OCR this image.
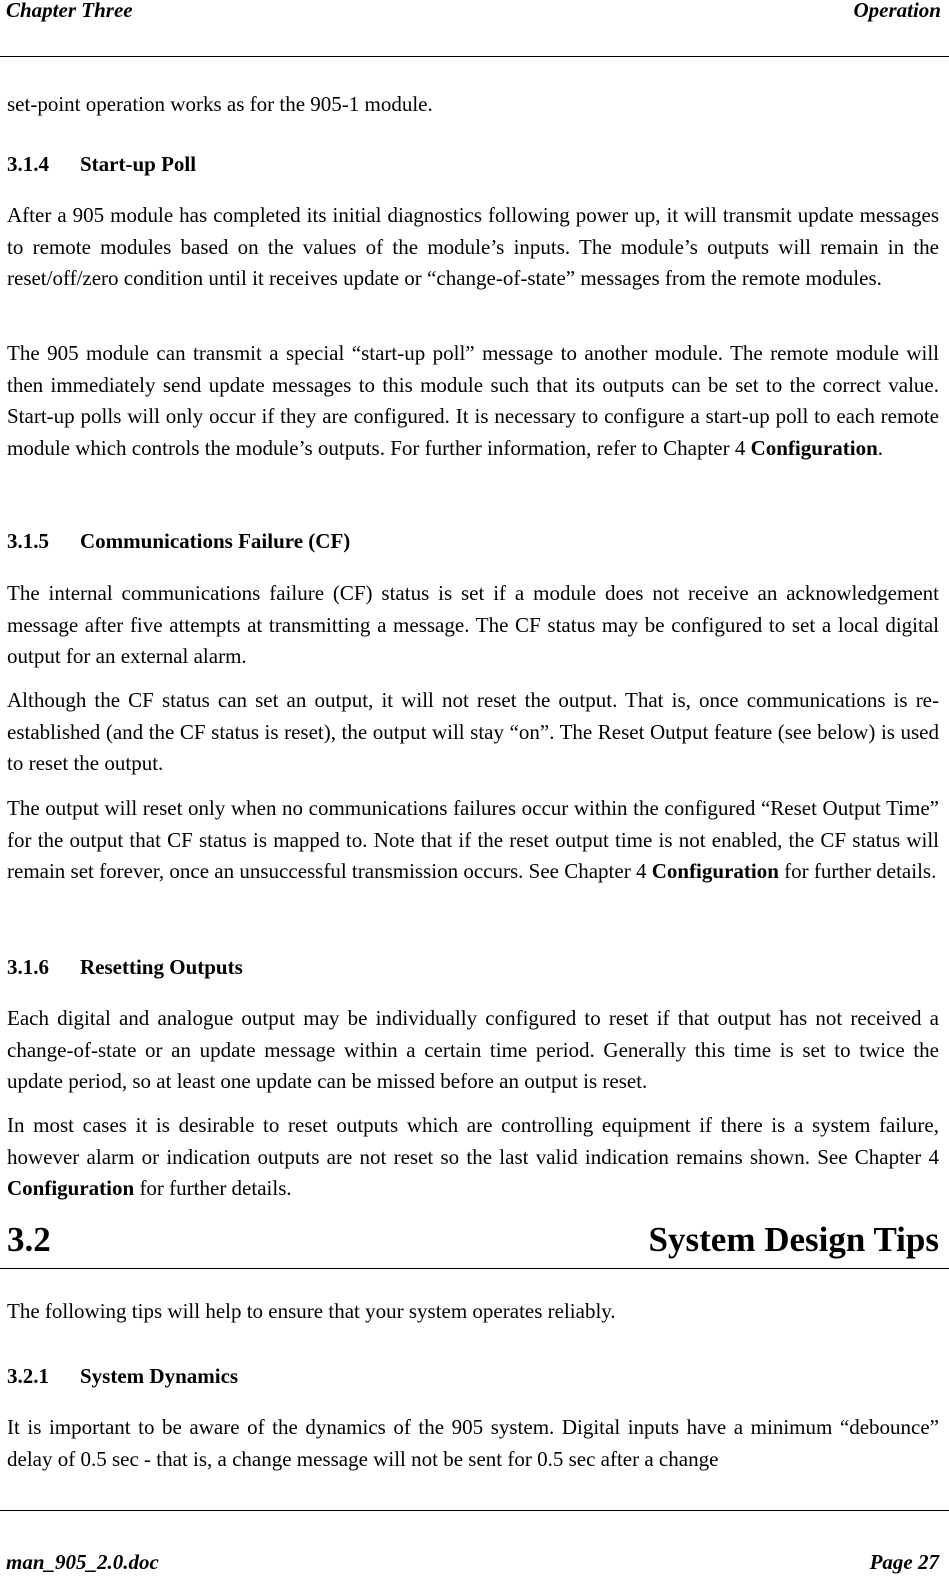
Chapter Three	Operation
set-point operation works as for the 905-1 module.
3.1.4 Start-up Poll
After a 905 module has completed its initial diagnostics following power up, it will transmit update messages to remote modules based on the values of the module’s inputs. The module’s outputs will remain in the reset/off/zero condition until it receives update or “change-of-state” messages from the remote modules.
The 905 module can transmit a special “start-up poll” message to another module. The remote module will then immediately send update messages to this module such that its outputs can be set to the correct value. Start-up polls will only occur if they are configured. It is necessary to configure a start-up poll to each remote module which controls the module’s outputs. For further information, refer to Chapter 4 Configuration.
3.1.5 Communications Failure (CF)
The internal communications failure (CF) status is set if a module does not receive an acknowledgement message after five attempts at transmitting a message. The CF status may be configured to set a local digital output for an external alarm.
Although the CF status can set an output, it will not reset the output. That is, once communications is re-established (and the CF status is reset), the output will stay “on”. The Reset Output feature (see below) is used to reset the output.
The output will reset only when no communications failures occur within the configured “Reset Output Time” for the output that CF status is mapped to. Note that if the reset output time is not enabled, the CF status will remain set forever, once an unsuccessful transmission occurs. See Chapter 4 Configuration for further details.
3.1.6 Resetting Outputs
Each digital and analogue output may be individually configured to reset if that output has not received a change-of-state or an update message within a certain time period. Generally this time is set to twice the update period, so at least one update can be missed before an output is reset.
In most cases it is desirable to reset outputs which are controlling equipment if there is a system failure, however alarm or indication outputs are not reset so the last valid indication remains shown. See Chapter 4 Configuration for further details.
3.2	System Design Tips
The following tips will help to ensure that your system operates reliably.
3.2.1 System Dynamics
It is important to be aware of the dynamics of the 905 system. Digital inputs have a minimum “debounce” delay of 0.5 sec - that is, a change message will not be sent for 0.5 sec after a change
man_905_2.0.doc	Page 27
